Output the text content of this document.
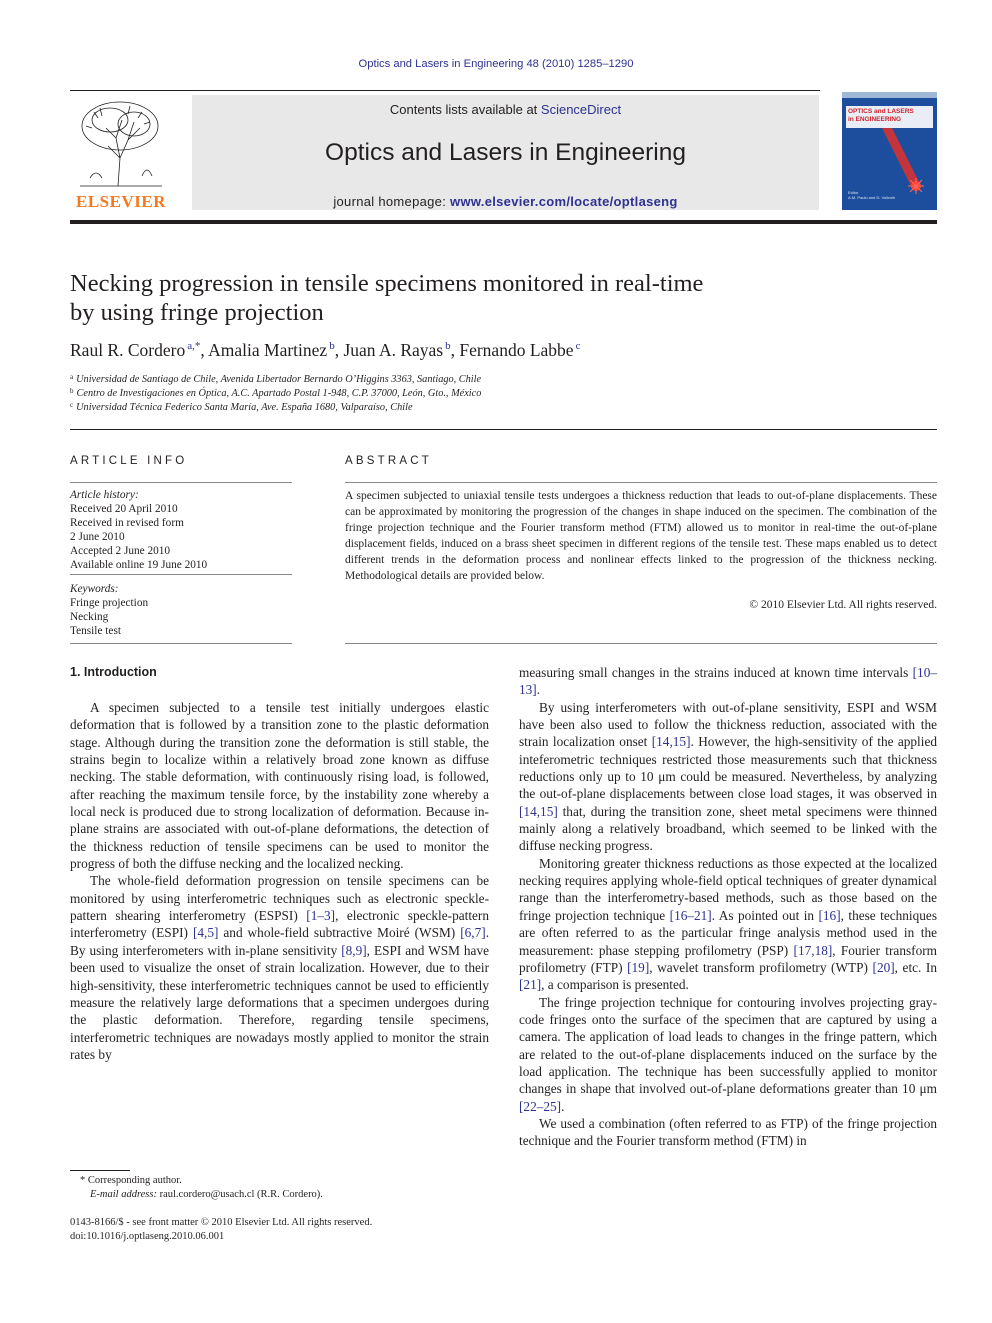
Optics and Lasers in Engineering 48 (2010) 1285–1290
ELSEVIER
Contents lists available at ScienceDirect
Optics and Lasers in Engineering
journal homepage: www.elsevier.com/locate/optlaseng
OPTICS and LASERS
in ENGINEERING
Editor
A.M. Paulo and D. Vollrath
Necking progression in tensile specimens monitored in real-time
by using fringe projection
Raul R. Cordero $^{a,*}$, Amalia Martinez $^b$, Juan A. Rayas $^b$, Fernando Labbe $^c$
$^a$ Universidad de Santiago de Chile, Avenida Libertador Bernardo O’Higgins 3363, Santiago, Chile
$^b$ Centro de Investigaciones en Óptica, A.C. Apartado Postal 1-948, C.P. 37000, León, Gto., México
$^c$ Universidad Técnica Federico Santa María, Ave. España 1680, Valparaíso, Chile
ARTICLE INFO
Article history:
Received 20 April 2010
Received in revised form
2 June 2010
Accepted 2 June 2010
Available online 19 June 2010
Keywords:
Fringe projection
Necking
Tensile test
ABSTRACT
A specimen subjected to uniaxial tensile tests undergoes a thickness reduction that leads to out-of-plane displacements. These can be approximated by monitoring the progression of the changes in shape induced on the specimen. The combination of the fringe projection technique and the Fourier transform method (FTM) allowed us to monitor in real-time the out-of-plane displacement fields, induced on a brass sheet specimen in different regions of the tensile test. These maps enabled us to detect different trends in the deformation process and nonlinear effects linked to the progression of the thickness necking. Methodological details are provided below.
© 2010 Elsevier Ltd. All rights reserved.
1. Introduction

A specimen subjected to a tensile test initially undergoes elastic deformation that is followed by a transition zone to the plastic deformation stage. Although during the transition zone the deformation is still stable, the strains begin to localize within a relatively broad zone known as diffuse necking. The stable deformation, with continuously rising load, is followed, after reaching the maximum tensile force, by the instability zone whereby a local neck is produced due to strong localization of deformation. Because in-plane strains are associated with out-of-plane deformations, the detection of the thickness reduction of tensile specimens can be used to monitor the progress of both the diffuse necking and the localized necking.

The whole-field deformation progression on tensile specimens can be monitored by using interferometric techniques such as electronic speckle-pattern shearing interferometry (ESPSI) [1–3], electronic speckle-pattern interferometry (ESPI) [4,5] and whole-field subtractive Moiré (WSM) [6,7]. By using interferometers with in-plane sensitivity [8,9], ESPI and WSM have been used to visualize the onset of strain localization. However, due to their high-sensitivity, these interferometric techniques cannot be used to efficiently measure the relatively large deformations that a specimen undergoes during the plastic deformation. Therefore, regarding tensile specimens, interferometric techniques are nowadays mostly applied to monitor the strain rates by

measuring small changes in the strains induced at known time intervals [10–13].

By using interferometers with out-of-plane sensitivity, ESPI and WSM have been also used to follow the thickness reduction, associated with the strain localization onset [14,15]. However, the high-sensitivity of the applied inteferometric techniques restricted those measurements such that thickness reductions only up to 10 μm could be measured. Nevertheless, by analyzing the out-of-plane displacements between close load stages, it was observed in [14,15] that, during the transition zone, sheet metal specimens were thinned mainly along a relatively broadband, which seemed to be linked with the diffuse necking progress.

Monitoring greater thickness reductions as those expected at the localized necking requires applying whole-field optical techniques of greater dynamical range than the interferometry-based methods, such as those based on the fringe projection technique [16–21]. As pointed out in [16], these techniques are often referred to as the particular fringe analysis method used in the measurement: phase stepping profilometry (PSP) [17,18], Fourier transform profilometry (FTP) [19], wavelet transform profilometry (WTP) [20], etc. In [21], a comparison is presented.

The fringe projection technique for contouring involves projecting gray-code fringes onto the surface of the specimen that are captured by using a camera. The application of load leads to changes in the fringe pattern, which are related to the out-of-plane displacements induced on the surface by the load application. The technique has been successfully applied to monitor changes in shape that involved out-of-plane deformations greater than 10 μm [22–25].

We used a combination (often referred to as FTP) of the fringe projection technique and the Fourier transform method (FTM) in

* Corresponding author.
E-mail address: raul.cordero@usach.cl (R.R. Cordero).
0143-8166/$ - see front matter © 2010 Elsevier Ltd. All rights reserved.
doi:10.1016/j.optlaseng.2010.06.001
